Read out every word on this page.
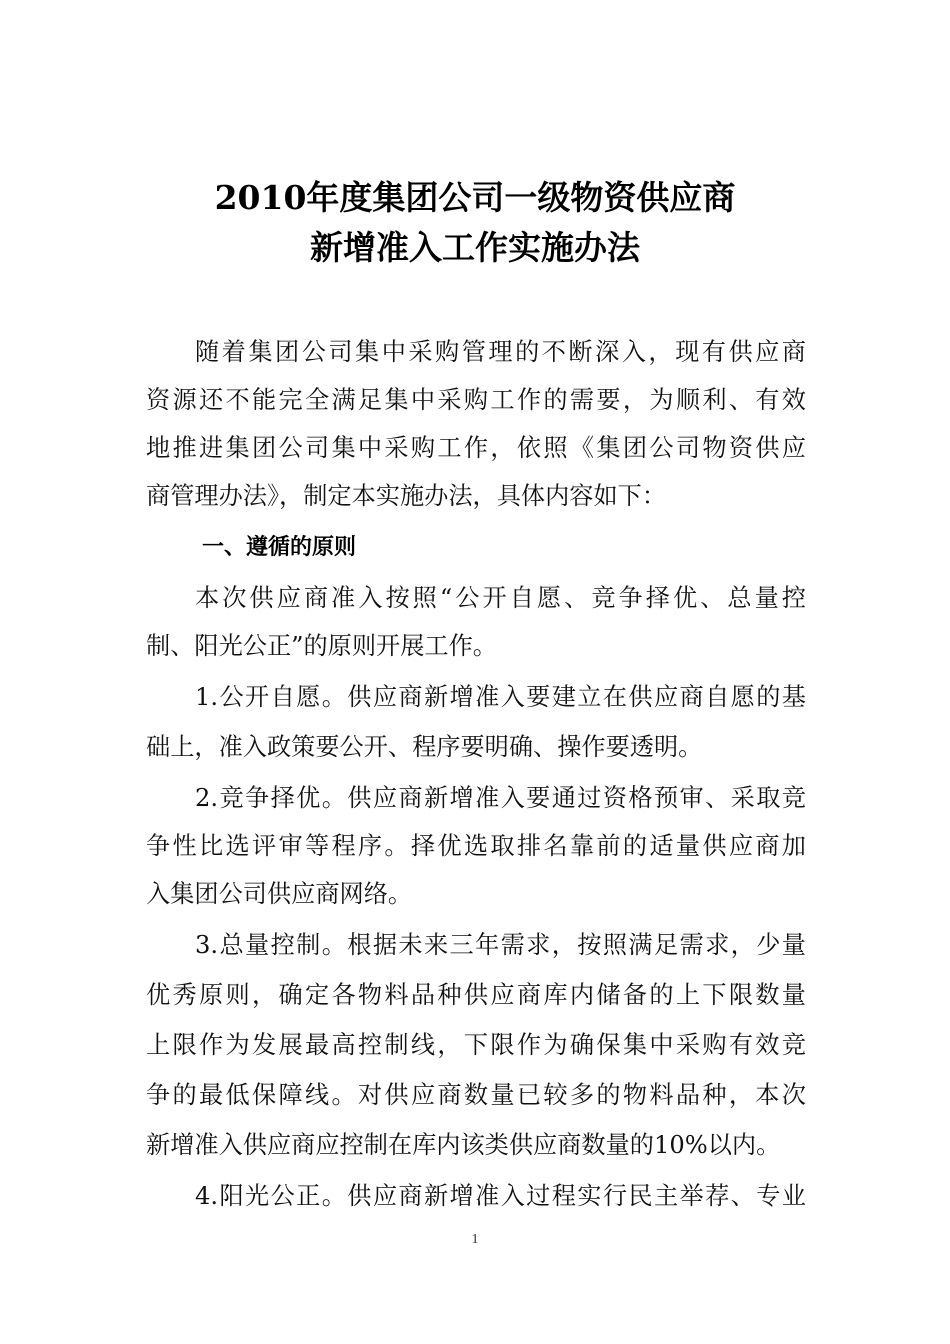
2010年度集团公司一级物资供应商
新增准入工作实施办法
随着集团公司集中采购管理的不断深入，现有供应商
资源还不能完全满足集中采购工作的需要，为顺利、有效
地推进集团公司集中采购工作，依照《集团公司物资供应
商管理办法》，制定本实施办法，具体内容如下：
一、遵循的原则
本次供应商准入按照“公开自愿、竞争择优、总量控
制、阳光公正”的原则开展工作。
1.公开自愿。供应商新增准入要建立在供应商自愿的基
础上，准入政策要公开、程序要明确、操作要透明。
2.竞争择优。供应商新增准入要通过资格预审、采取竞
争性比选评审等程序。择优选取排名靠前的适量供应商加
入集团公司供应商网络。
3.总量控制。根据未来三年需求，按照满足需求，少量
优秀原则，确定各物料品种供应商库内储备的上下限数量
上限作为发展最高控制线，下限作为确保集中采购有效竞
争的最低保障线。对供应商数量已较多的物料品种，本次
新增准入供应商应控制在库内该类供应商数量的10%以内。
4.阳光公正。供应商新增准入过程实行民主举荐、专业
1
